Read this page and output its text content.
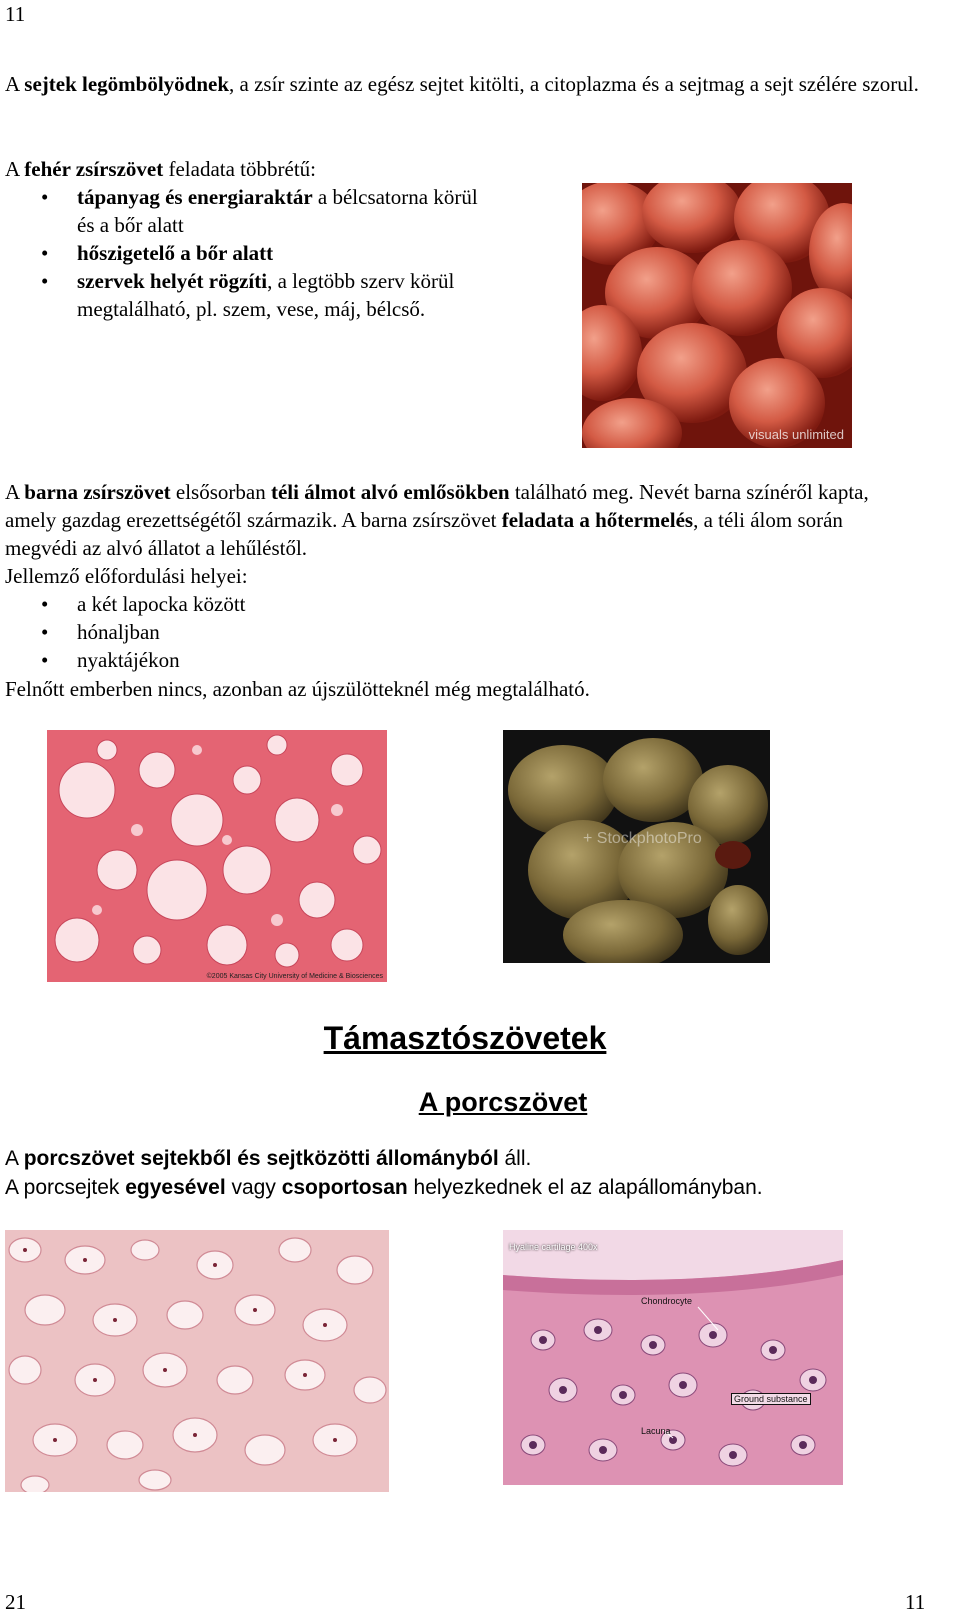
11

A sejtek legömbölyödnek, a zsír szinte az egész sejtet kitölti, a citoplazma és a sejtmag a sejt szélére szorul.

A fehér zsírszövet feladata többrétű:

• tápanyag és energiaraktár a bélcsatorna körül és a bőr alatt
• hőszigetelő a bőr alatt
• szervek helyét rögzíti, a legtöbb szerv körül megtalálható, pl. szem, vese, máj, bélcső.
visuals unlimited

A barna zsírszövet elsősorban téli álmot alvó emlősökben található meg. Nevét barna színéről kapta, amely gazdag erezettségétől származik. A barna zsírszövet feladata a hőtermelés, a téli álom során megvédi az alvó állatot a lehűléstől.

Jellemző előfordulási helyei:

• a két lapocka között
• hónaljban
• nyaktájékon

Felnőtt emberben nincs, azonban az újszülötteknél még megtalálható.

©2005 Kansas City University of Medicine & Biosciences
+ StockphotoPro
Támasztószövetek
A porcszövet

A porcszövet sejtekből és sejtközötti állományból áll.

A porcsejtek egyesével vagy csoportosan helyezkednek el az alapállományban.

Hyaline cartilage 400x
Chondrocyte
Ground substance
Lacuna
21	11
